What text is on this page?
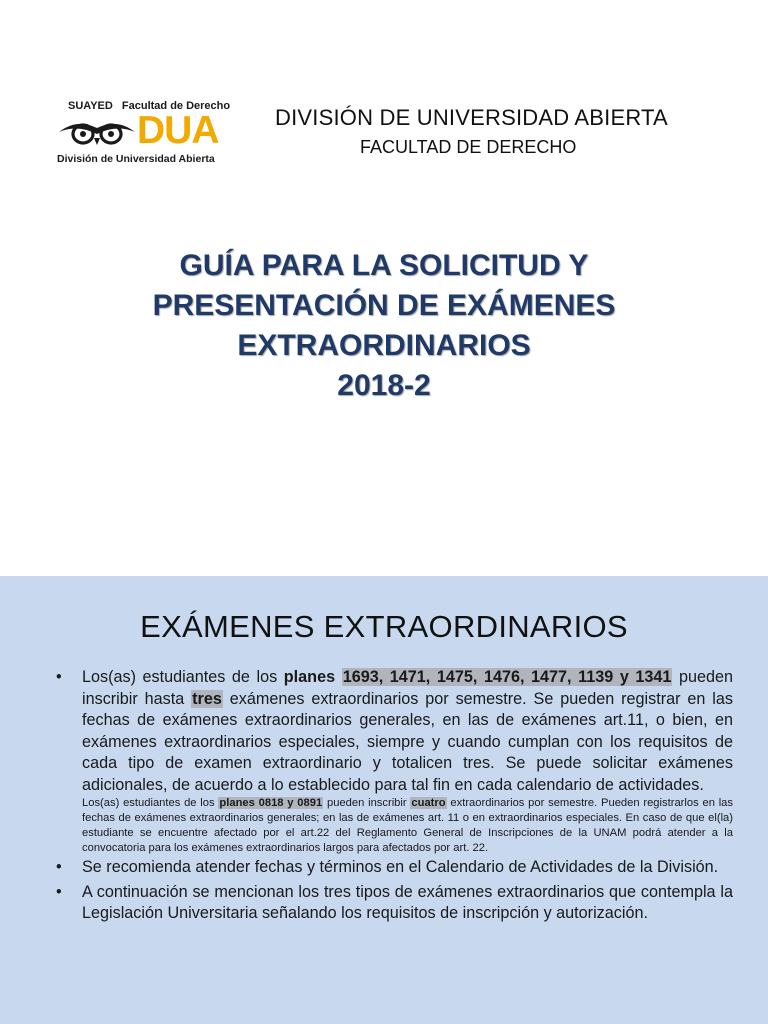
SUAYED Facultad de Derecho
DUA
División de Universidad Abierta
DIVISIÓN DE UNIVERSIDAD ABIERTA
FACULTAD DE DERECHO
GUÍA PARA LA SOLICITUD Y
PRESENTACIÓN DE EXÁMENES
EXTRAORDINARIOS
2018-2
EXÁMENES EXTRAORDINARIOS
• Los(as) estudiantes de los planes 1693, 1471, 1475, 1476, 1477, 1139 y 1341 pueden inscribir hasta tres exámenes extraordinarios por semestre. Se pueden registrar en las fechas de exámenes extraordinarios generales, en las de exámenes art.11, o bien, en exámenes extraordinarios especiales, siempre y cuando cumplan con los requisitos de cada tipo de examen extraordinario y totalicen tres. Se puede solicitar exámenes adicionales, de acuerdo a lo establecido para tal fin en cada calendario de actividades.
Los(as) estudiantes de los planes 0818 y 0891 pueden inscribir cuatro extraordinarios por semestre. Pueden registrarlos en las fechas de exámenes extraordinarios generales; en las de exámenes art. 11 o en extraordinarios especiales. En caso de que el(la) estudiante se encuentre afectado por el art.22 del Reglamento General de Inscripciones de la UNAM podrá atender a la convocatoria para los exámenes extraordinarios largos para afectados por art. 22.
• Se recomienda atender fechas y términos en el Calendario de Actividades de la División.
• A continuación se mencionan los tres tipos de exámenes extraordinarios que contempla la Legislación Universitaria señalando los requisitos de inscripción y autorización.
